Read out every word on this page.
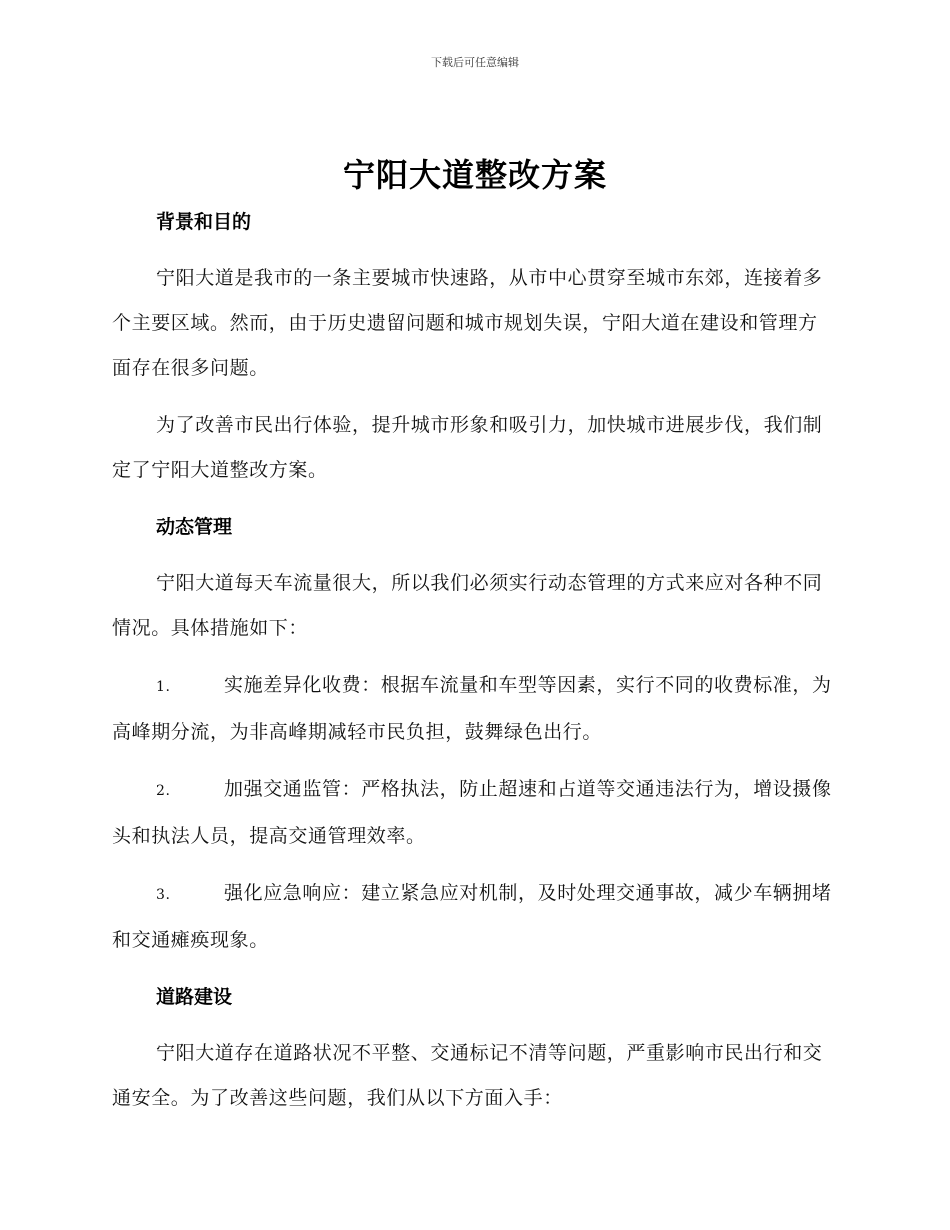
下载后可任意编辑
宁阳大道整改方案
背景和目的

宁阳大道是我市的一条主要城市快速路，从市中心贯穿至城市东郊，连接着多个主要区域。然而，由于历史遗留问题和城市规划失误，宁阳大道在建设和管理方面存在很多问题。

为了改善市民出行体验，提升城市形象和吸引力，加快城市进展步伐，我们制定了宁阳大道整改方案。

动态管理

宁阳大道每天车流量很大，所以我们必须实行动态管理的方式来应对各种不同情况。具体措施如下：

1.	实施差异化收费：根据车流量和车型等因素，实行不同的收费标准，为高峰期分流，为非高峰期减轻市民负担，鼓舞绿色出行。

2.	加强交通监管：严格执法，防止超速和占道等交通违法行为，增设摄像头和执法人员，提高交通管理效率。

3.	强化应急响应：建立紧急应对机制，及时处理交通事故，减少车辆拥堵和交通瘫痪现象。

道路建设

宁阳大道存在道路状况不平整、交通标记不清等问题，严重影响市民出行和交通安全。为了改善这些问题，我们从以下方面入手：
